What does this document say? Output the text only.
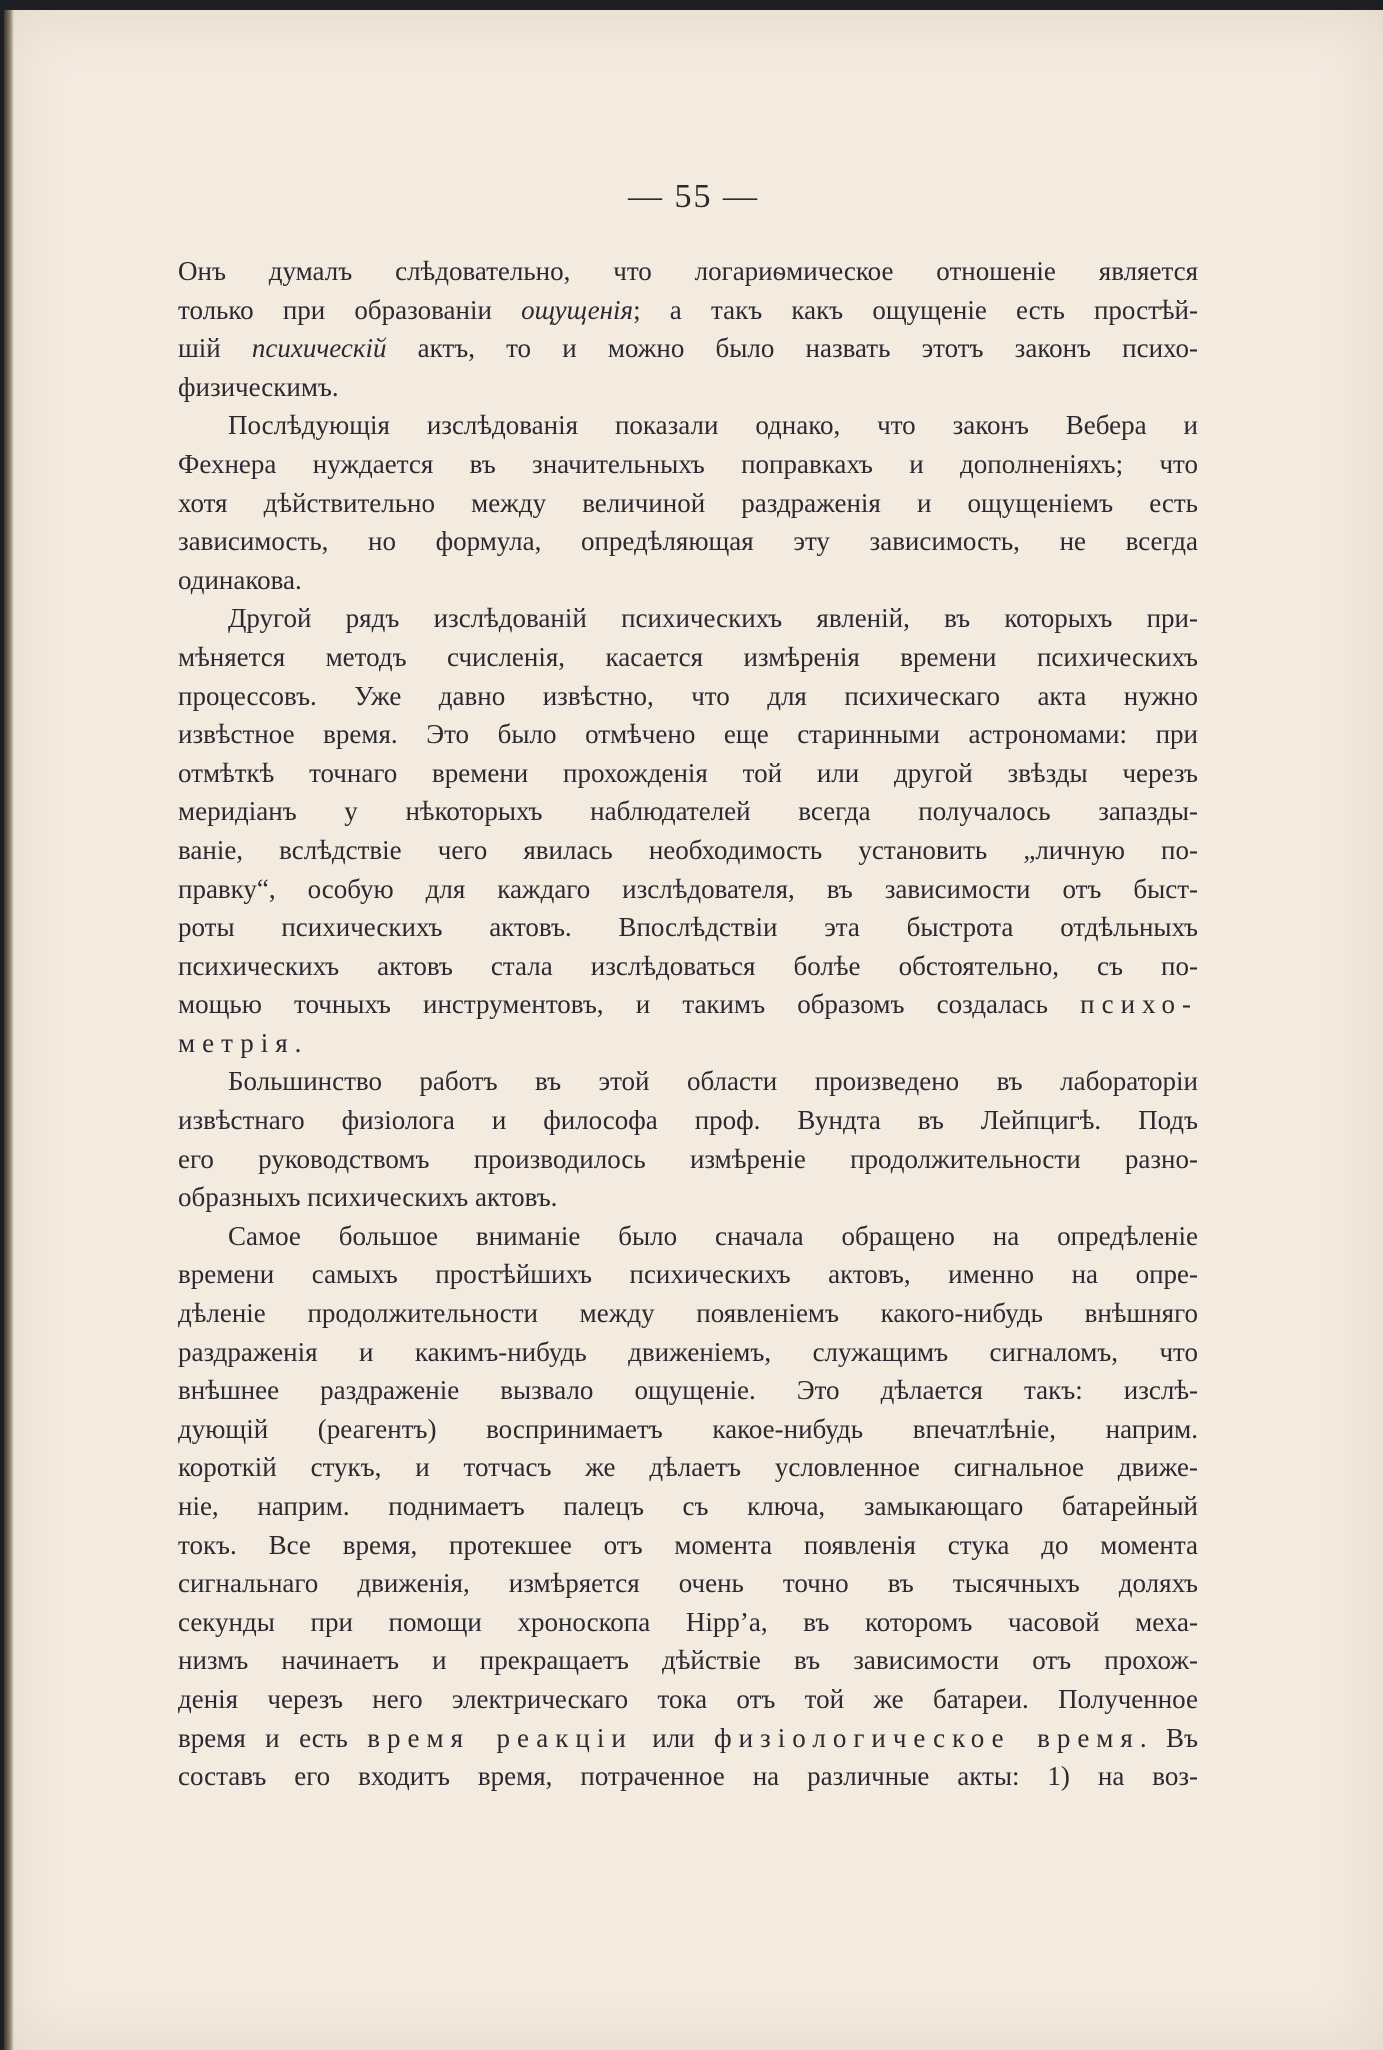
— 55 —
Онъ думалъ слѣдовательно, что логариѳмическое отношеніе является
только при образованіи ощущенія; а такъ какъ ощущеніе есть простѣй-
шій психическій актъ, то и можно было назвать этотъ законъ психо-
физическимъ.
Послѣдующія изслѣдованія показали однако, что законъ Вебера и
Фехнера нуждается въ значительныхъ поправкахъ и дополненіяхъ; что
хотя дѣйствительно между величиной раздраженія и ощущеніемъ есть
зависимость, но формула, опредѣляющая эту зависимость, не всегда
одинакова.
Другой рядъ изслѣдованій психическихъ явленій, въ которыхъ при-
мѣняется методъ счисленія, касается измѣренія времени психическихъ
процессовъ. Уже давно извѣстно, что для психическаго акта нужно
извѣстное время. Это было отмѣчено еще старинными астрономами: при
отмѣткѣ точнаго времени прохожденія той или другой звѣзды черезъ
меридіанъ у нѣкоторыхъ наблюдателей всегда получалось запазды-
ваніе, вслѣдствіе чего явилась необходимость установить „личную по-
правку“, особую для каждаго изслѣдователя, въ зависимости отъ быст-
роты психическихъ актовъ. Впослѣдствіи эта быстрота отдѣльныхъ
психическихъ актовъ стала изслѣдоваться болѣе обстоятельно, съ по-
мощью точныхъ инструментовъ, и такимъ образомъ создалась психо-
метрія.
Большинство работъ въ этой области произведено въ лабораторіи
извѣстнаго физіолога и философа проф. Вундта въ Лейпцигѣ. Подъ
его руководствомъ производилось измѣреніе продолжительности разно-
образныхъ психическихъ актовъ.
Самое большое вниманіе было сначала обращено на опредѣленіе
времени самыхъ простѣйшихъ психическихъ актовъ, именно на опре-
дѣленіе продолжительности между появленіемъ какого-нибудь внѣшняго
раздраженія и какимъ-нибудь движеніемъ, служащимъ сигналомъ, что
внѣшнее раздраженіе вызвало ощущеніе. Это дѣлается такъ: изслѣ-
дующій (реагентъ) воспринимаетъ какое-нибудь впечатлѣніе, наприм.
короткій стукъ, и тотчасъ же дѣлаетъ условленное сигнальное движе-
ніе, наприм. поднимаетъ палецъ съ ключа, замыкающаго батарейный
токъ. Все время, протекшее отъ момента появленія стука до момента
сигнальнаго движенія, измѣряется очень точно въ тысячныхъ доляхъ
секунды при помощи хроноскопа Hipp’а, въ которомъ часовой меха-
низмъ начинаетъ и прекращаетъ дѣйствіе въ зависимости отъ прохож-
денія черезъ него электрическаго тока отъ той же батареи. Полученное
время и есть время реакціи или физіологическое время. Въ
составъ его входитъ время, потраченное на различные акты: 1) на воз-
